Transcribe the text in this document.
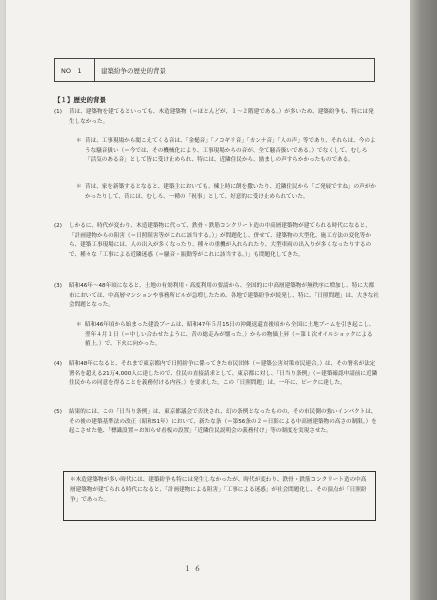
NO　1	建築紛争の歴史的背景
【１】歴史的背景
(1) 昔は、建築物を建てるといっても、木造建築物（＝ほとんどが、１～２階建である。）が多いため、建築紛争も、特には発生しなかった。
＊ 昔は、工事現場から聞こえてくる音は、「金槌音」「ノコギリ音」「カンナ音」「人の声」等であり、それらは、今のような騒音扱い（＝今では、その機械化により、工事現場からの音が、全て騒音扱いである。）でなくして、むしろ「活気のある音」として皆に受け止められ、特には、近隣住民から、励ましの声すらかかったものである。
＊ 昔は、家を新築するとなると、建築主においても、棟上時に餅を撒いたり、近隣住民から「ご発展ですね」の声がかかったりして、昔には、むしろ、一種の「祝事」として、好意的に受け止められていた。
(2) しかるに、時代が変わり、木造建築物に代って、鉄骨・鉄筋コンクリート造の中高層建築物が建てられる時代になると、「計画建物からの阻害（＝日照阻害等がこれに該当する。）」が問題化し、併せて、建築物の大型化、施工方法の変化等から、建築工事現場には、人の出入が多くなったり、種々の重機が入れられたり、大型車両の出入りが多くなったりするので、種々な「工事による近隣迷惑（＝騒音・振動等がこれに該当する。）」も問題化してきた。
(3) 昭和46年～48年頃になると、土地の有効利用・高度利用の要請から、全国的に中高層建築物が無秩序に増加し、特に大都市においては、中高層マンションや事務所ビルが急増したため、各地で建築紛争が続発し、特に、「日照問題」は、大きな社会問題となった。
＊ 昭和46年頃から始まった建設ブームは、昭和47年５月15日の沖縄返還直後頃から全国に土地ブームを引き起こし、翌年４月１日（＝中しい合わせたように、昔の総走みが懐った。）からの物価上昇（＝第１次オイルショックによる値上。）で、下火に向かった。
(4) 昭和48年になると、それまで東京都内で日照紛争に係ってきた市民団体（＝建築公害対策市民連合。）は、その署名が法定署名を超える21万4,000人に達したので、住民の直接請求として、東京都に対し、「日当り条例」（＝建築確認申請前に近隣住民からの同意を得ることを義務付ける内容。）を要求した。この「日照問題」は、一年に、ピークに達した。
(5) 結果的には、この「日当り条例」は、東京都議会で否決され、幻の条例となったものの、その市民側の強いインパクトは、その後の建築基準法の改正（昭和51年）において、新たな条（＝第56条の２＝日影による中高層建築物の高さの制限。）を起こさせた他、「標識設置＝お知らせ看板の設置」「近隣住民説明会の義務付け」等の制度を実現させた。
＊木造建築物が多い時代には、建築紛争も特には発生しなかったが、時代が変わり、鉄骨・鉄筋コンクリート造の中高層建築物が建てられる時代になると、「計画建物による阻害」「工事による迷惑」が社会問題化し、その頂点が「日照紛争」であった。
１６
